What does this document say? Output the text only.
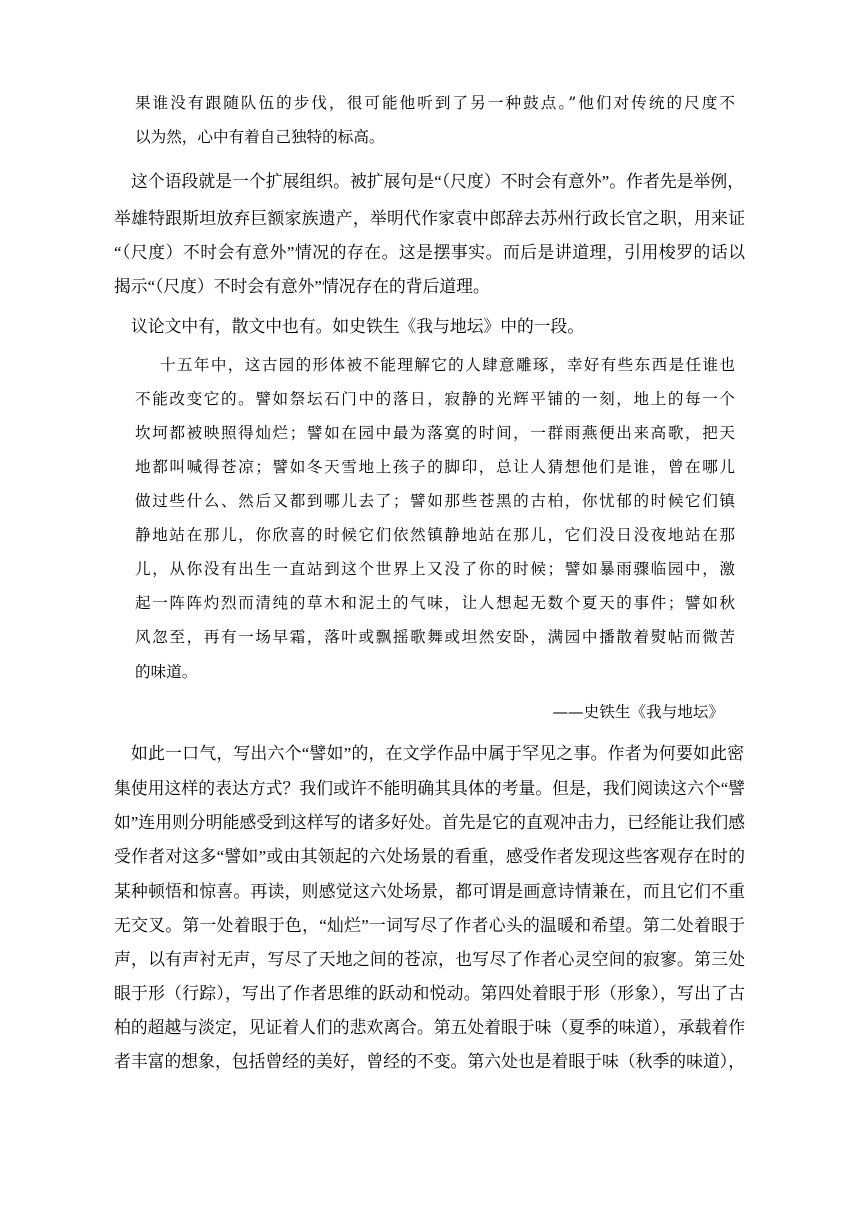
果谁没有跟随队伍的步伐，很可能他听到了另一种鼓点。”他们对传统的尺度不
以为然，心中有着自己独特的标高。
这个语段就是一个扩展组织。被扩展句是“（尺度）不时会有意外”。作者先是举例，
举雄特跟斯坦放弃巨额家族遗产，举明代作家袁中郎辞去苏州行政长官之职，用来证
“（尺度）不时会有意外”情况的存在。这是摆事实。而后是讲道理，引用梭罗的话以
揭示“（尺度）不时会有意外”情况存在的背后道理。
议论文中有，散文中也有。如史铁生《我与地坛》中的一段。
十五年中，这古园的形体被不能理解它的人肆意雕琢，幸好有些东西是任谁也
不能改变它的。譬如祭坛石门中的落日，寂静的光辉平铺的一刻，地上的每一个
坎坷都被映照得灿烂；譬如在园中最为落寞的时间，一群雨燕便出来高歌，把天
地都叫喊得苍凉；譬如冬天雪地上孩子的脚印，总让人猜想他们是谁，曾在哪儿
做过些什么、然后又都到哪儿去了；譬如那些苍黑的古柏，你忧郁的时候它们镇
静地站在那儿，你欣喜的时候它们依然镇静地站在那儿，它们没日没夜地站在那
儿，从你没有出生一直站到这个世界上又没了你的时候；譬如暴雨骤临园中，激
起一阵阵灼烈而清纯的草木和泥土的气味，让人想起无数个夏天的事件；譬如秋
风忽至，再有一场早霜，落叶或飘摇歌舞或坦然安卧，满园中播散着熨帖而微苦
的味道。
——史铁生《我与地坛》
如此一口气，写出六个“譬如”的，在文学作品中属于罕见之事。作者为何要如此密
集使用这样的表达方式？我们或许不能明确其具体的考量。但是，我们阅读这六个“譬
如”连用则分明能感受到这样写的诸多好处。首先是它的直观冲击力，已经能让我们感
受作者对这多“譬如”或由其领起的六处场景的看重，感受作者发现这些客观存在时的
某种顿悟和惊喜。再读，则感觉这六处场景，都可谓是画意诗情兼在，而且它们不重
无交叉。第一处着眼于色，“灿烂”一词写尽了作者心头的温暖和希望。第二处着眼于
声，以有声衬无声，写尽了天地之间的苍凉，也写尽了作者心灵空间的寂寥。第三处
眼于形（行踪），写出了作者思维的跃动和悦动。第四处着眼于形（形象），写出了古
柏的超越与淡定，见证着人们的悲欢离合。第五处着眼于味（夏季的味道），承载着作
者丰富的想象，包括曾经的美好，曾经的不变。第六处也是着眼于味（秋季的味道），
